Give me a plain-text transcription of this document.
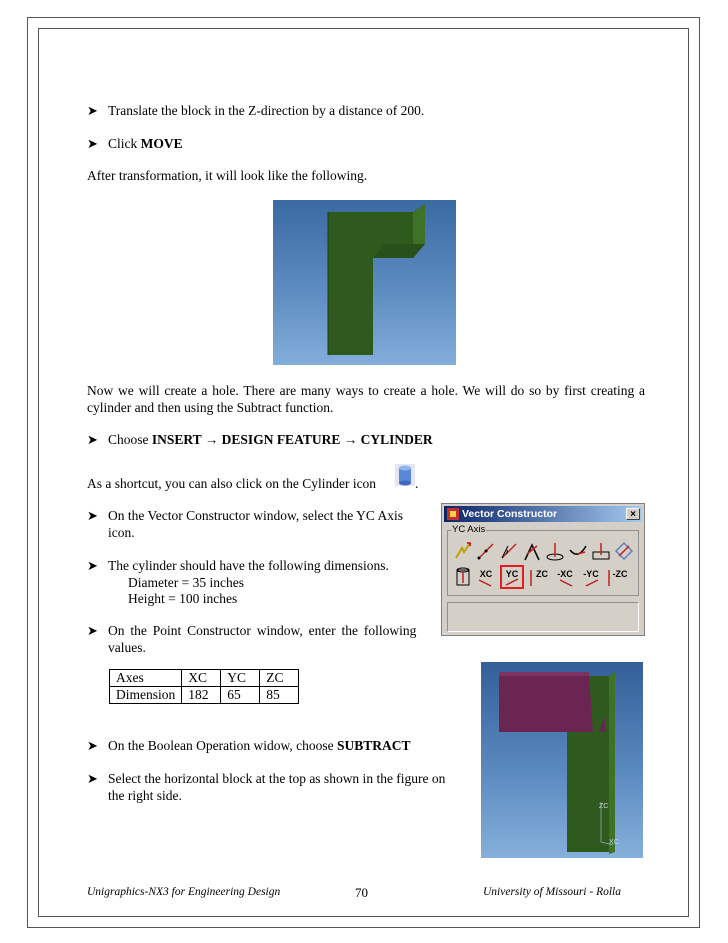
➤ Translate the block in the Z-direction by a distance of 200.
➤ Click MOVE
After transformation, it will look like the following.
Now we will create a hole. There are many ways to create a hole. We will do so by first creating a cylinder and then using the Subtract function.
➤ Choose INSERT → DESIGN FEATURE → CYLINDER
As a shortcut, you can also click on the Cylinder icon	.
➤ On the Vector Constructor window, select the YC Axis
icon.
➤ The cylinder should have the following dimensions.
Diameter = 35 inches
Height = 100 inches
➤ On the Point Constructor window, enter the following
values.
Vector Constructor	×
YC Axis
XC	YC	ZC	-XC	-YC	-ZC
Axes	XC	YC	ZC
Dimension	182	65	85
➤ On the Boolean Operation widow, choose SUBTRACT
➤ Select the horizontal block at the top as shown in the figure on
the right side.
ZC
XC
Unigraphics-NX3 for Engineering Design	70	University of Missouri - Rolla
